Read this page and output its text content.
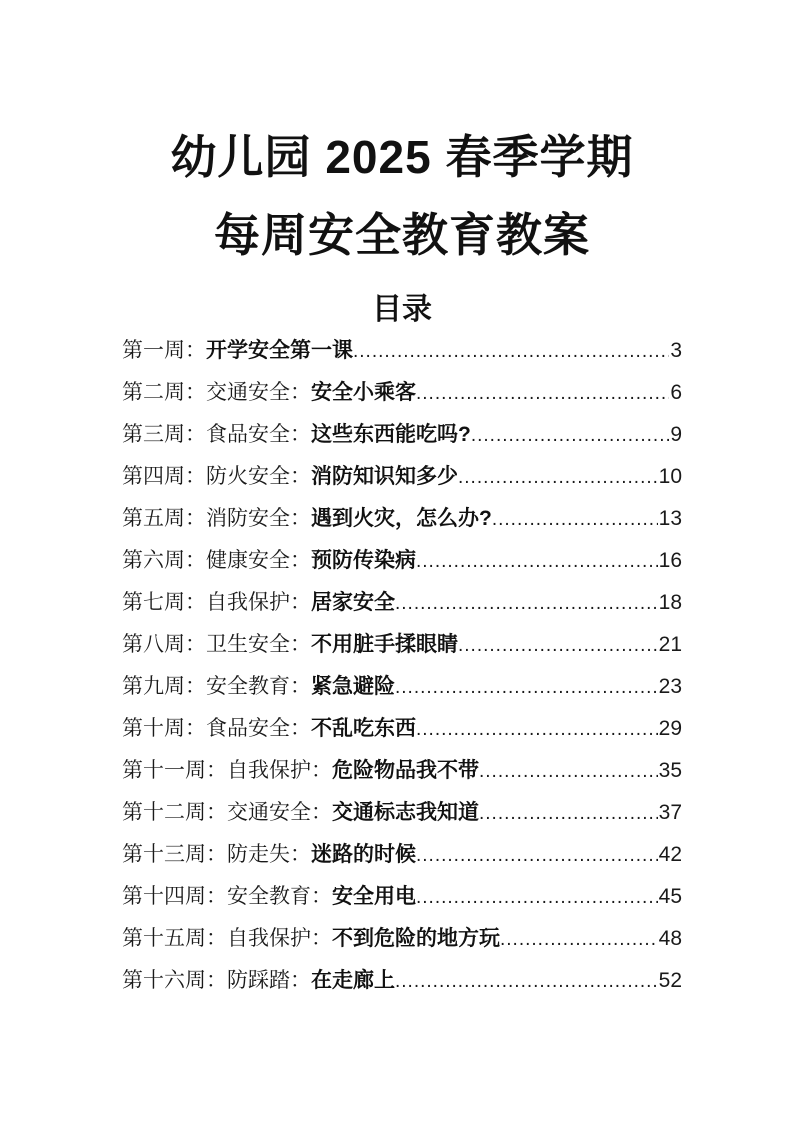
幼儿园 2025 春季学期
每周安全教育教案
目录
第一周： 开学安全第一课 .....	3
第二周： 交通安全： 安全小乘客 .....	6
第三周： 食品安全： 这些东西能吃吗? .....	9
第四周： 防火安全： 消防知识知多少 .....	10
第五周： 消防安全： 遇到火灾，怎么办? .....	13
第六周： 健康安全： 预防传染病 .....	16
第七周： 自我保护： 居家安全 .....	18
第八周： 卫生安全： 不用脏手揉眼睛 .....	21
第九周： 安全教育： 紧急避险 .....	23
第十周： 食品安全： 不乱吃东西 .....	29
第十一周： 自我保护： 危险物品我不带 .....	35
第十二周： 交通安全： 交通标志我知道 .....	37
第十三周： 防走失： 迷路的时候 .....	42
第十四周： 安全教育： 安全用电 .....	45
第十五周： 自我保护： 不到危险的地方玩 .....	48
第十六周： 防踩踏： 在走廊上 .....	52
